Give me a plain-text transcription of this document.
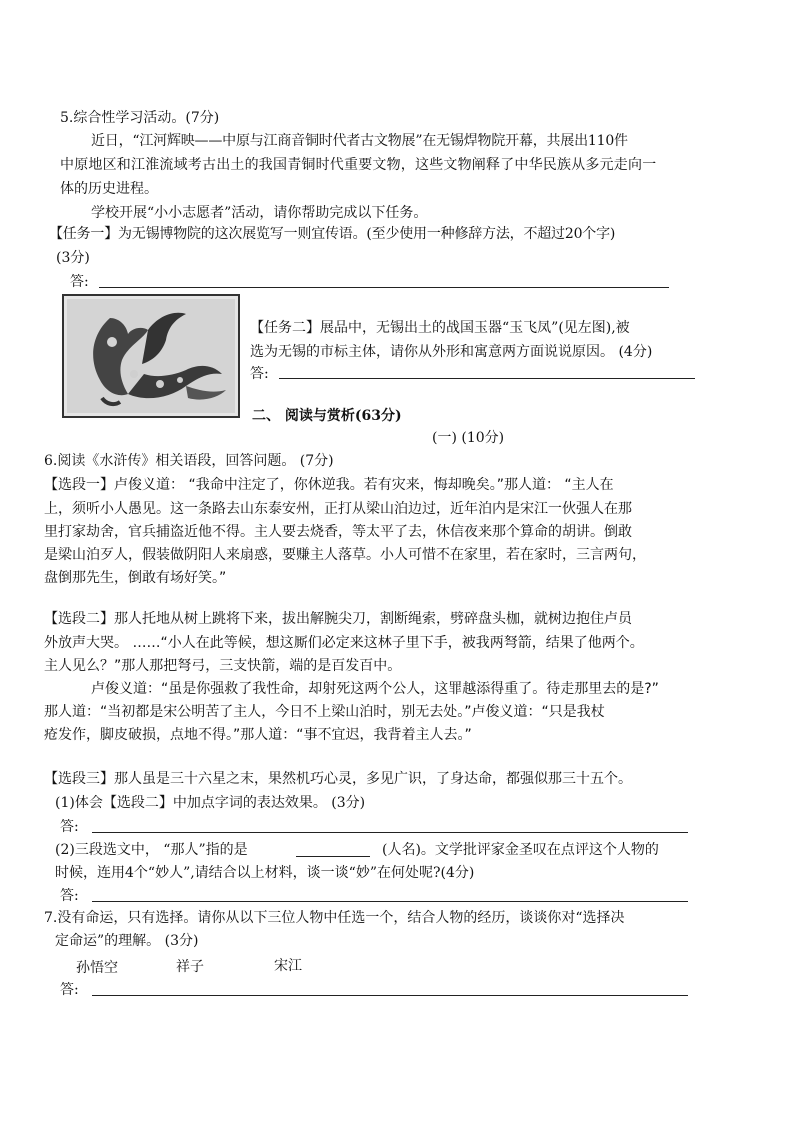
5.综合性学习活动。(7分)
近日，“江河辉映——中原与江商音铜时代者古文物展”在无锡焊物院开幕，共展出110件
中原地区和江淮流域考古出土的我国青铜时代重要文物，这些文物阐释了中华民族从多元走向一
体的历史进程。
学校开展“小小志愿者”活动，请你帮助完成以下任务。
【任务一】为无锡博物院的这次展览写一则宜传语。(至少使用一种修辞方法，不超过20个字)
(3分)
答:
【任务二】展品中，无锡出土的战国玉器“玉飞凤”(见左图),被
选为无锡的市标主体，请你从外形和寓意两方面说说原因。 (4分)
答:
二、 阅读与赏析(63分)
(一) (10分)
6.阅读《水浒传》相关语段，回答问题。 (7分)
【选段一】卢俊义道： “我命中注定了，你休逆我。若有灾来，悔却晚矣。”那人道： “主人在
上，须听小人愚见。这一条路去山东泰安州，正打从梁山泊边过，近年泊内是宋江一伙强人在那
里打家劫舍，官兵捕盗近他不得。主人要去烧香，等太平了去，休信夜来那个算命的胡讲。倒敢
是梁山泊歹人，假装做阴阳人来扇惑，要赚主人落草。小人可惜不在家里，若在家时，三言两句，
盘倒那先生，倒敢有场好笑。”
【选段二】那人托地从树上跳将下来，拔出解腕尖刀，割断绳索，劈碎盘头枷，就树边抱住卢员
外放声大哭。 ……“小人在此等候，想这厮们必定来这林子里下手，被我两弩箭，结果了他两个。
主人见么？”那人那把弩弓，三支快箭，端的是百发百中。
卢俊义道：“虽是你强救了我性命，却射死这两个公人，这罪越添得重了。待走那里去的是?”
那人道：“当初都是宋公明苦了主人，今日不上梁山泊时，别无去处。”卢俊义道：“只是我杖
疮发作，脚皮破损，点地不得。”那人道：“事不宜迟，我背着主人去。”
【选段三】那人虽是三十六星之末，果然机巧心灵，多见广识，了身达命，都强似那三十五个。
(1)体会【选段二】中加点字词的表达效果。 (3分)
答:
(2)三段选文中， “那人”指的是	(人名)。文学批评家金圣叹在点评这个人物的
时候，连用4个“妙人”,请结合以上材料，谈一谈“妙”在何处呢?(4分)
答:
7.没有命运，只有选择。请你从以下三位人物中任选一个，结合人物的经历，谈谈你对“选择决
定命运”的理解。 (3分)
孙悟空	祥子	宋江
答:
